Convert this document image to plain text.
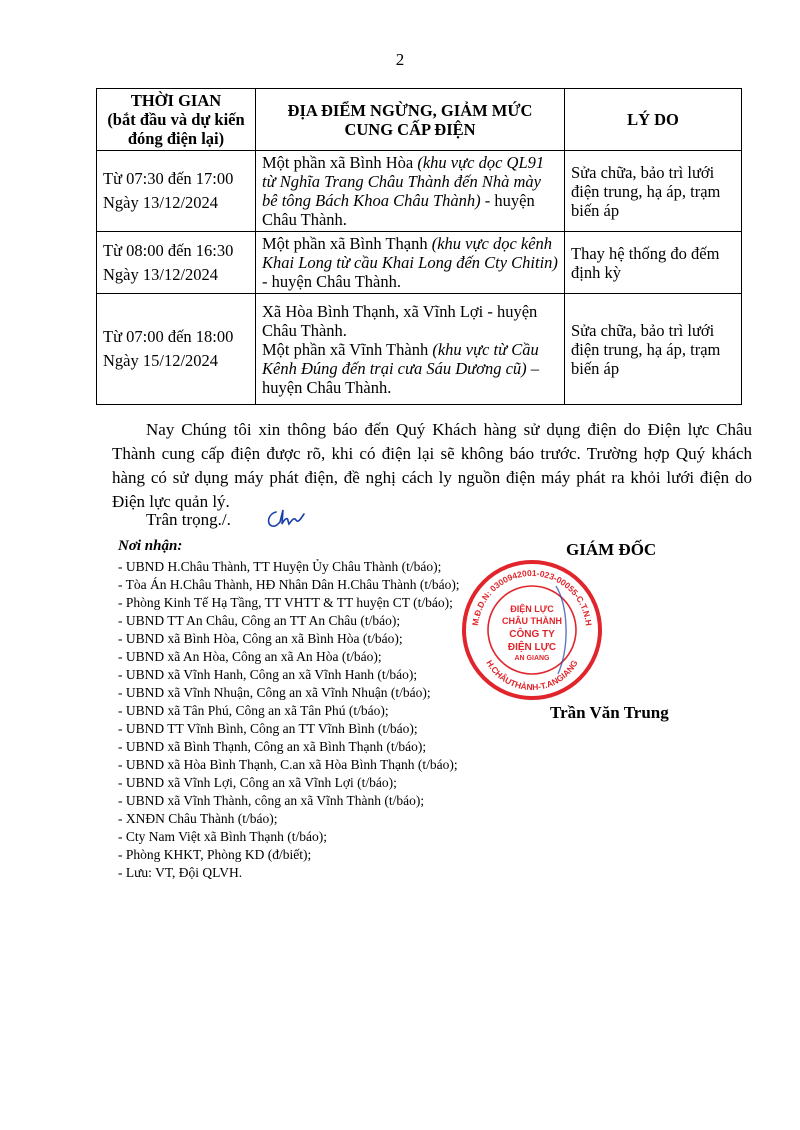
2
THỜI GIAN
(bắt đầu và dự kiến
đóng điện lại)	ĐỊA ĐIỂM NGỪNG, GIẢM MỨC
CUNG CẤP ĐIỆN	LÝ DO
Từ 07:30 đến 17:00
Ngày 13/12/2024	Một phần xã Bình Hòa (khu vực dọc QL91 từ Nghĩa Trang Châu Thành đến Nhà mày bê tông Bách Khoa Châu Thành) - huyện Châu Thành.	Sửa chữa, bảo trì lưới điện trung, hạ áp, trạm biến áp
Từ 08:00 đến 16:30
Ngày 13/12/2024	Một phần xã Bình Thạnh (khu vực dọc kênh Khai Long từ cầu Khai Long đến Cty Chitin) - huyện Châu Thành.	Thay hệ thống đo đếm định kỳ
Từ 07:00 đến 18:00
Ngày 15/12/2024	Xã Hòa Bình Thạnh, xã Vĩnh Lợi - huyện Châu Thành.
Một phần xã Vĩnh Thành (khu vực từ Cầu Kênh Đúng đến trại cưa Sáu Dương cũ) – huyện Châu Thành.	Sửa chữa, bảo trì lưới điện trung, hạ áp, trạm biến áp
Nay Chúng tôi xin thông báo đến Quý Khách hàng sử dụng điện do Điện lực Châu Thành cung cấp điện được rõ, khi có điện lại sẽ không báo trước. Trường hợp Quý khách hàng có sử dụng máy phát điện, đề nghị cách ly nguồn điện máy phát ra khỏi lưới điện do Điện lực quản lý.
Trân trọng./.
Nơi nhận:
- UBND H.Châu Thành, TT Huyện Ủy Châu Thành (t/báo);
- Tòa Án H.Châu Thành, HĐ Nhân Dân H.Châu Thành (t/báo);
- Phòng Kinh Tế Hạ Tầng, TT VHTT & TT huyện CT (t/báo);
- UBND TT An Châu, Công an TT An Châu (t/báo);
- UBND xã Bình Hòa, Công an xã Bình Hòa (t/báo);
- UBND xã An Hòa, Công an xã An Hòa (t/báo);
- UBND xã Vĩnh Hanh, Công an xã Vĩnh Hanh (t/báo);
- UBND xã Vĩnh Nhuận, Công an xã Vĩnh Nhuận (t/báo);
- UBND xã Tân Phú, Công an xã Tân Phú (t/báo);
- UBND TT Vĩnh Bình, Công an TT Vĩnh Bình (t/báo);
- UBND xã Bình Thạnh, Công an xã Bình Thạnh (t/báo);
- UBND xã Hòa Bình Thạnh, C.an xã Hòa Bình Thạnh (t/báo);
- UBND xã Vĩnh Lợi, Công an xã Vĩnh Lợi (t/báo);
- UBND xã Vĩnh Thành, công an xã Vĩnh Thành (t/báo);
- XNĐN Châu Thành (t/báo);
- Cty Nam Việt xã Bình Thạnh (t/báo);
- Phòng KHKT, Phòng KD (đ/biết);
- Lưu: VT, Đội QLVH.
GIÁM ĐỐC
M.Đ.D.N: 0300942001-023-00055-C.T.N.H
H.CHÂUTHÀNH-T.ANGIANG
ĐIỆN LỰC
CHÂU THÀNH
CÔNG TY
ĐIỆN LỰC
AN GIANG
Trần Văn Trung
